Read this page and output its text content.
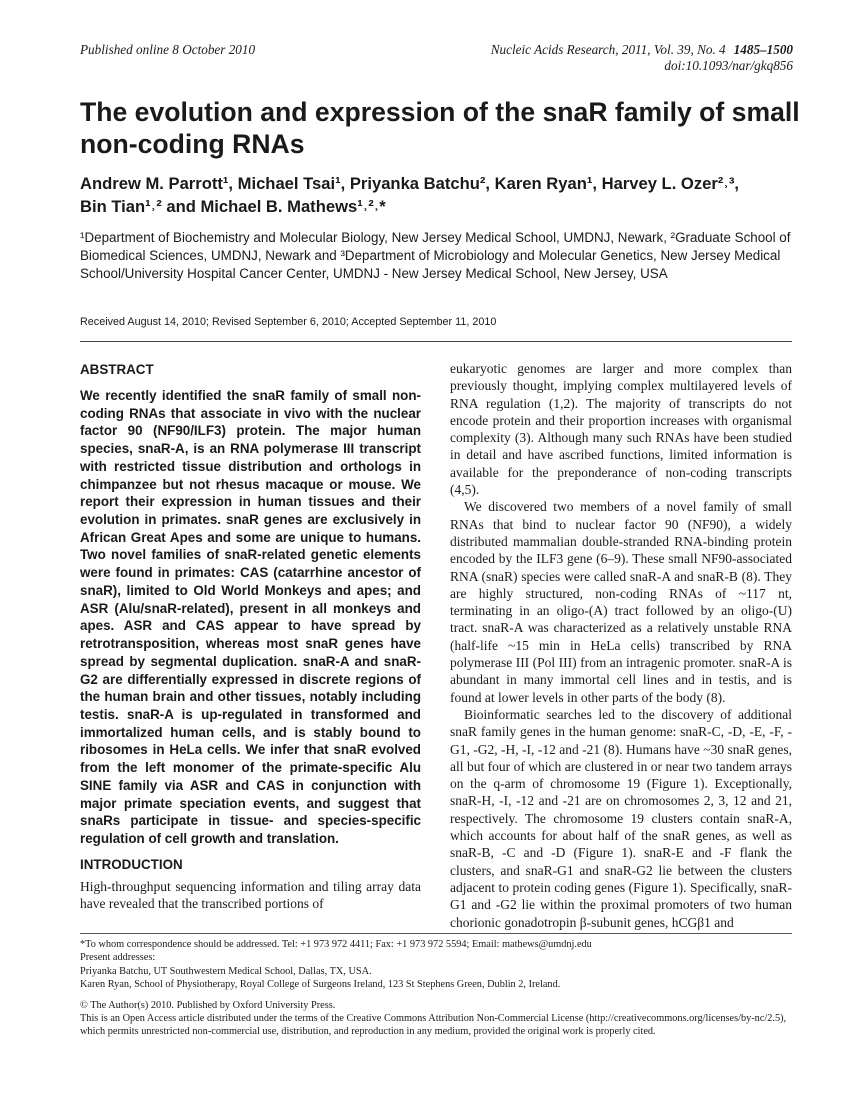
Published online 8 October 2010	Nucleic Acids Research, 2011, Vol. 39, No. 4 1485–1500
doi:10.1093/nar/gkq856
The evolution and expression of the snaR family of small non-coding RNAs
Andrew M. Parrott¹, Michael Tsai¹, Priyanka Batchu², Karen Ryan¹, Harvey L. Ozer²˒³,
Bin Tian¹˒² and Michael B. Mathews¹˒²˒*
¹Department of Biochemistry and Molecular Biology, New Jersey Medical School, UMDNJ, Newark, ²Graduate School of Biomedical Sciences, UMDNJ, Newark and ³Department of Microbiology and Molecular Genetics, New Jersey Medical School/University Hospital Cancer Center, UMDNJ - New Jersey Medical School, New Jersey, USA
Received August 14, 2010; Revised September 6, 2010; Accepted September 11, 2010
ABSTRACT
We recently identified the snaR family of small non-coding RNAs that associate in vivo with the nuclear factor 90 (NF90/ILF3) protein. The major human species, snaR-A, is an RNA polymerase III transcript with restricted tissue distribution and orthologs in chimpanzee but not rhesus macaque or mouse. We report their expression in human tissues and their evolution in primates. snaR genes are exclusively in African Great Apes and some are unique to humans. Two novel families of snaR-related genetic elements were found in primates: CAS (catarrhine ancestor of snaR), limited to Old World Monkeys and apes; and ASR (Alu/snaR-related), present in all monkeys and apes. ASR and CAS appear to have spread by retrotransposition, whereas most snaR genes have spread by segmental duplication. snaR-A and snaR-G2 are differentially expressed in discrete regions of the human brain and other tissues, notably including testis. snaR-A is up-regulated in transformed and immortalized human cells, and is stably bound to ribosomes in HeLa cells. We infer that snaR evolved from the left monomer of the primate-specific Alu SINE family via ASR and CAS in conjunction with major primate speciation events, and suggest that snaRs participate in tissue- and species-specific regulation of cell growth and translation.
INTRODUCTION
High-throughput sequencing information and tiling array data have revealed that the transcribed portions of

eukaryotic genomes are larger and more complex than previously thought, implying complex multilayered levels of RNA regulation (1,2). The majority of transcripts do not encode protein and their proportion increases with organismal complexity (3). Although many such RNAs have been studied in detail and have ascribed functions, limited information is available for the preponderance of non-coding transcripts (4,5).

We discovered two members of a novel family of small RNAs that bind to nuclear factor 90 (NF90), a widely distributed mammalian double-stranded RNA-binding protein encoded by the ILF3 gene (6–9). These small NF90-associated RNA (snaR) species were called snaR-A and snaR-B (8). They are highly structured, non-coding RNAs of ~117 nt, terminating in an oligo-(A) tract followed by an oligo-(U) tract. snaR-A was characterized as a relatively unstable RNA (half-life ~15 min in HeLa cells) transcribed by RNA polymerase III (Pol III) from an intragenic promoter. snaR-A is abundant in many immortal cell lines and in testis, and is found at lower levels in other parts of the body (8).

Bioinformatic searches led to the discovery of additional snaR family genes in the human genome: snaR-C, -D, -E, -F, -G1, -G2, -H, -I, -12 and -21 (8). Humans have ~30 snaR genes, all but four of which are clustered in or near two tandem arrays on the q-arm of chromosome 19 (Figure 1). Exceptionally, snaR-H, -I, -12 and -21 are on chromosomes 2, 3, 12 and 21, respectively. The chromosome 19 clusters contain snaR-A, which accounts for about half of the snaR genes, as well as snaR-B, -C and -D (Figure 1). snaR-E and -F flank the clusters, and snaR-G1 and snaR-G2 lie between the clusters adjacent to protein coding genes (Figure 1). Specifically, snaR-G1 and -G2 lie within the proximal promoters of two human chorionic gonadotropin β-subunit genes, hCGβ1 and

*To whom correspondence should be addressed. Tel: +1 973 972 4411; Fax: +1 973 972 5594; Email: mathews@umdnj.edu

Present addresses:

Priyanka Batchu, UT Southwestern Medical School, Dallas, TX, USA.

Karen Ryan, School of Physiotherapy, Royal College of Surgeons Ireland, 123 St Stephens Green, Dublin 2, Ireland.

© The Author(s) 2010. Published by Oxford University Press.

This is an Open Access article distributed under the terms of the Creative Commons Attribution Non-Commercial License (http://creativecommons.org/licenses/by-nc/2.5), which permits unrestricted non-commercial use, distribution, and reproduction in any medium, provided the original work is properly cited.
